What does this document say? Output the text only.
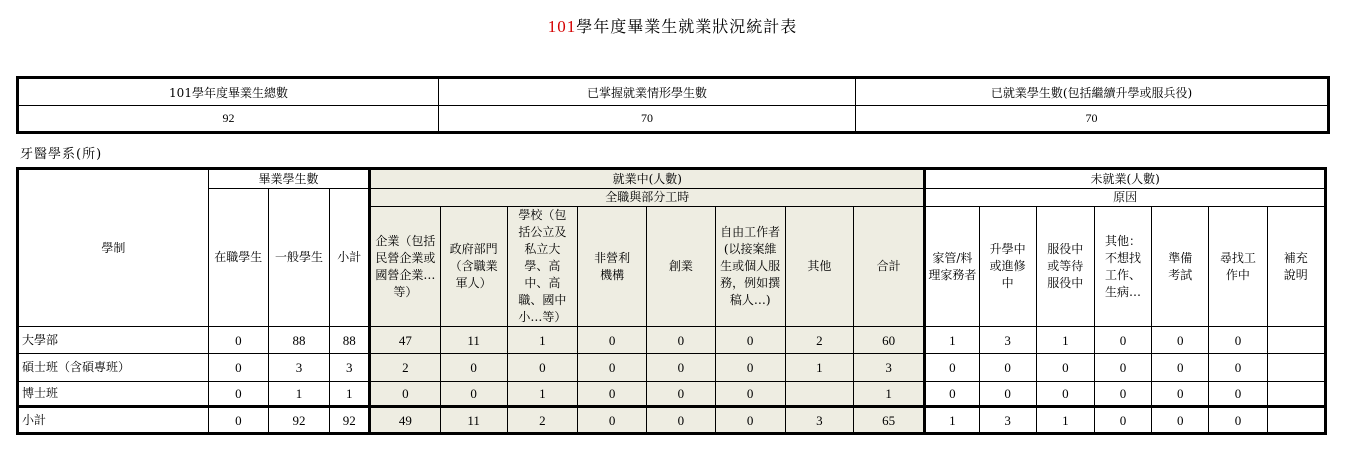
101學年度畢業生就業狀況統計表
101學年度畢業生總數	已掌握就業情形學生數	已就業學生數(包括繼續升學或服兵役)
92	70	70
牙醫學系(所)
學制	畢業學生數			就業中(人數)								未就業(人數)						
	在職學生	一般學生	小計	全職與部分工時								原因						

				企業（包括民營企業或國營企業…等）	政府部門（含職業軍人）	學校（包括公立及私立大學、高中、高職、國中小…等）	非營利機構	創業	自由工作者(以接案維生或個人服務，例如撰稿人…)	其他	合計	家管/料理家務者	升學中或進修中	服役中或等待服役中	其他：不想找工作、生病…	準備考試	尋找工作中	補充說明

大學部	0	88	88	47	11	1	0	0	0	2	60	1	3	1	0	0	0	
碩士班（含碩專班）	0	3	3	2	0	0	0	0	0	1	3	0	0	0	0	0	0	
博士班	0	1	1	0	0	1	0	0	0		1	0	0	0	0	0	0	
小計	0	92	92	49	11	2	0	0	0	3	65	1	3	1	0	0	0	
